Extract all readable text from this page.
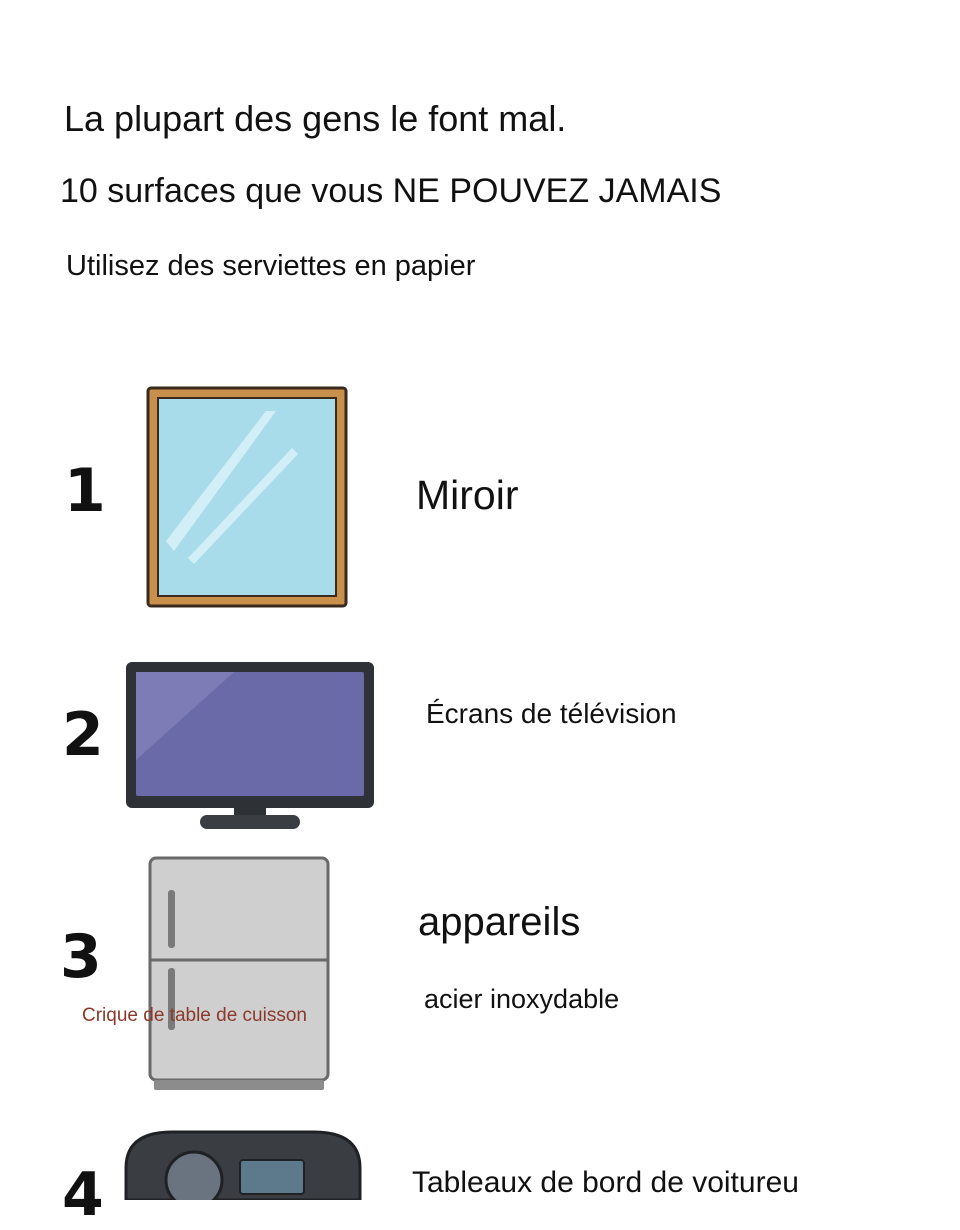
La plupart des gens le font mal.
10 surfaces que vous NE POUVEZ JAMAIS
Utilisez des serviettes en papier
1	Miroir
2	Écrans de télévision
3
Crique de table de cuisson
appareils
acier inoxydable
4	Tableaux de bord de voitureu
